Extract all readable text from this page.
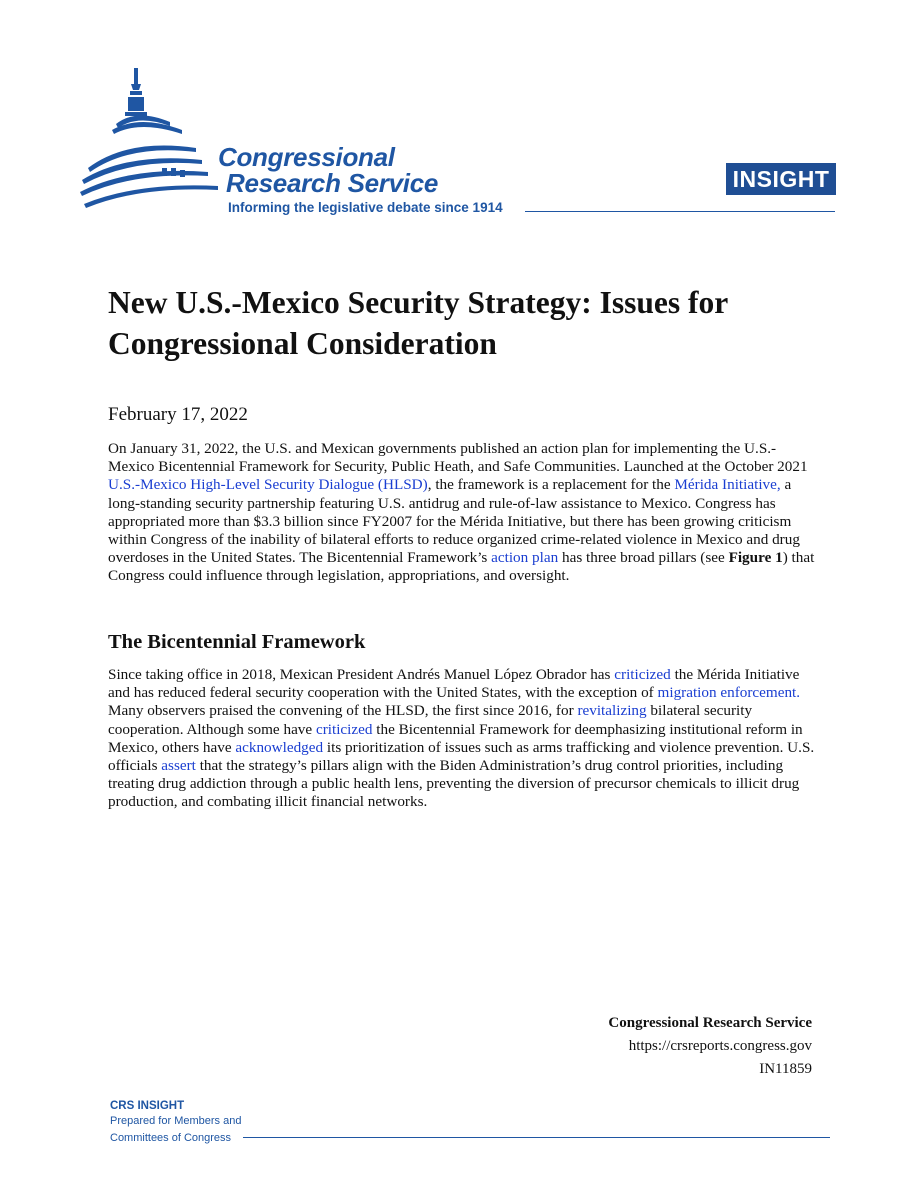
Congressional
Research Service
Informing the legislative debate since 1914
INSIGHT
New U.S.-Mexico Security Strategy: Issues for Congressional Consideration
February 17, 2022
On January 31, 2022, the U.S. and Mexican governments published an action plan for implementing the U.S.-Mexico Bicentennial Framework for Security, Public Heath, and Safe Communities. Launched at the October 2021 U.S.-Mexico High-Level Security Dialogue (HLSD), the framework is a replacement for the Mérida Initiative, a long-standing security partnership featuring U.S. antidrug and rule-of-law assistance to Mexico. Congress has appropriated more than $3.3 billion since FY2007 for the Mérida Initiative, but there has been growing criticism within Congress of the inability of bilateral efforts to reduce organized crime-related violence in Mexico and drug overdoses in the United States. The Bicentennial Framework’s action plan has three broad pillars (see Figure 1) that Congress could influence through legislation, appropriations, and oversight.
The Bicentennial Framework
Since taking office in 2018, Mexican President Andrés Manuel López Obrador has criticized the Mérida Initiative and has reduced federal security cooperation with the United States, with the exception of migration enforcement. Many observers praised the convening of the HLSD, the first since 2016, for revitalizing bilateral security cooperation. Although some have criticized the Bicentennial Framework for deemphasizing institutional reform in Mexico, others have acknowledged its prioritization of issues such as arms trafficking and violence prevention. U.S. officials assert that the strategy’s pillars align with the Biden Administration’s drug control priorities, including treating drug addiction through a public health lens, preventing the diversion of precursor chemicals to illicit drug production, and combating illicit financial networks.
Congressional Research Service
https://crsreports.congress.gov
IN11859
CRS INSIGHT
Prepared for Members and
Committees of Congress
